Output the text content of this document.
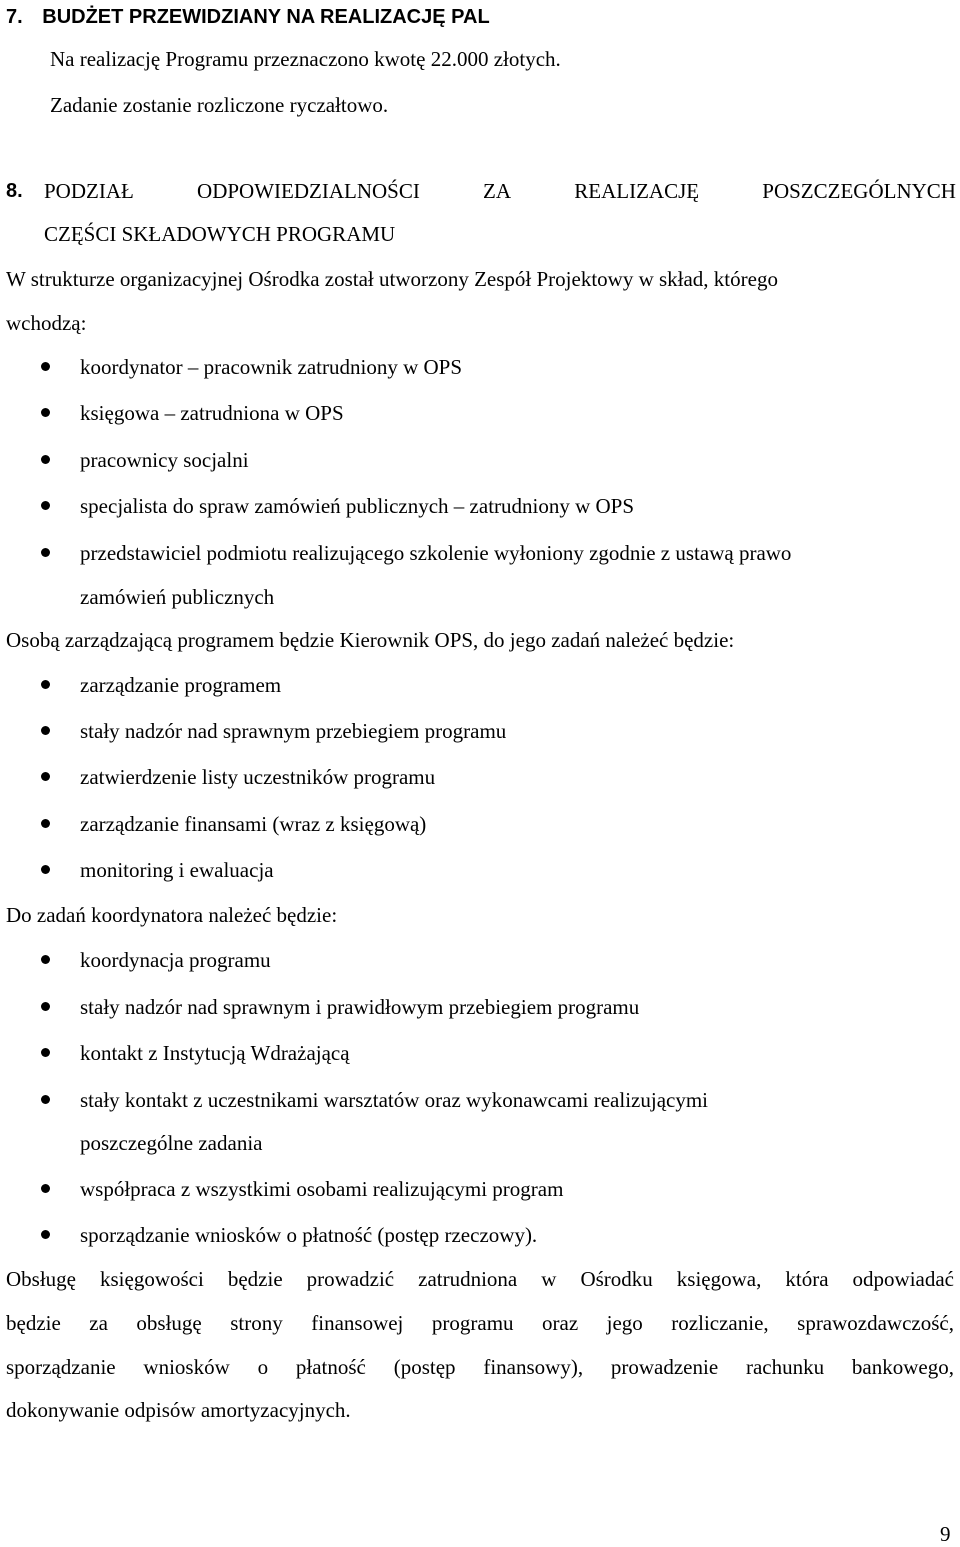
7. BUDŻET PRZEWIDZIANY NA REALIZACJĘ PAL
Na realizację Programu przeznaczono kwotę 22.000 złotych.
Zadanie zostanie rozliczone ryczałtowo.
8. PODZIAŁ	ODPOWIEDZIALNOŚCI	ZA	REALIZACJĘ	POSZCZEGÓLNYCH
CZĘŚCI SKŁADOWYCH PROGRAMU
W strukturze organizacyjnej Ośrodka został utworzony Zespół Projektowy w skład, którego
wchodzą:
koordynator – pracownik zatrudniony w OPS
księgowa – zatrudniona w OPS
pracownicy socjalni
specjalista do spraw zamówień publicznych – zatrudniony w OPS
przedstawiciel podmiotu realizującego szkolenie wyłoniony zgodnie z ustawą prawo
zamówień publicznych
Osobą zarządzającą programem będzie Kierownik OPS, do jego zadań należeć będzie:
zarządzanie programem
stały nadzór nad sprawnym przebiegiem programu
zatwierdzenie listy uczestników programu
zarządzanie finansami (wraz z księgową)
monitoring i ewaluacja
Do zadań koordynatora należeć będzie:
koordynacja programu
stały nadzór nad sprawnym i prawidłowym przebiegiem programu
kontakt z Instytucją Wdrażającą
stały kontakt z uczestnikami warsztatów oraz wykonawcami realizującymi
poszczególne zadania
współpraca z wszystkimi osobami realizującymi program
sporządzanie wniosków o płatność (postęp rzeczowy).
Obsługę księgowości będzie prowadzić zatrudniona w Ośrodku księgowa, która odpowiadać
będzie za obsługę strony finansowej programu oraz jego rozliczanie, sprawozdawczość,
sporządzanie wniosków o płatność (postęp finansowy), prowadzenie rachunku bankowego,
dokonywanie odpisów amortyzacyjnych.
9
